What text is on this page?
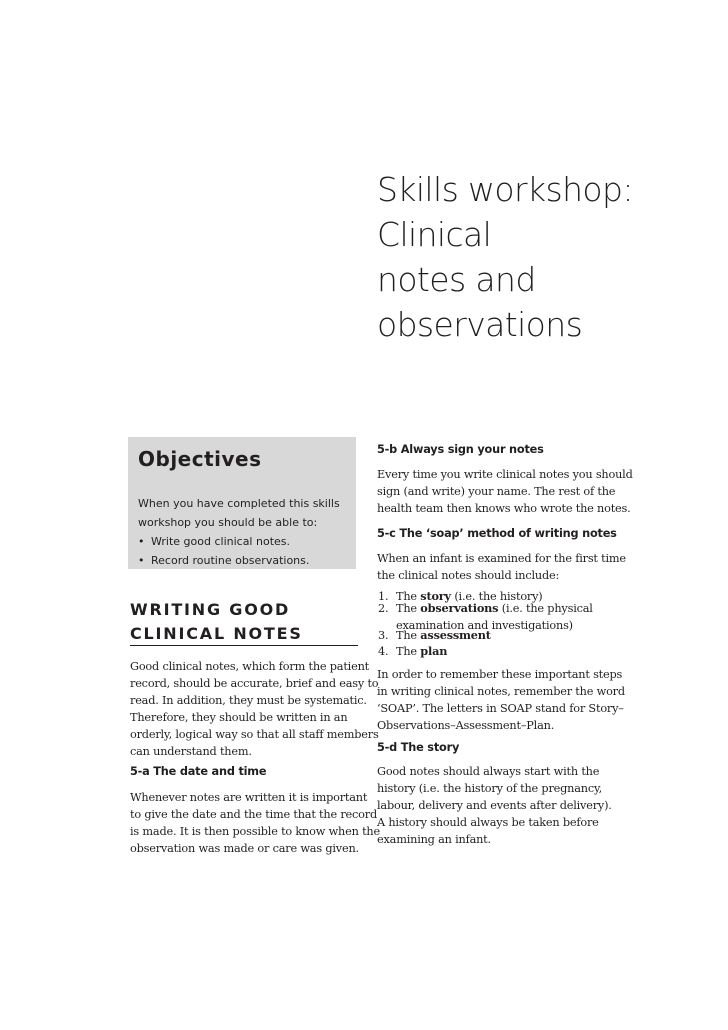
Skills workshop:
Clinical
notes and
observations
Objectives
When you have completed this skills workshop you should be able to:
• Write good clinical notes.
• Record routine observations.
WRITING GOOD
CLINICAL NOTES
Good clinical notes, which form the patient
record, should be accurate, brief and easy to
read. In addition, they must be systematic.
Therefore, they should be written in an
orderly, logical way so that all staff members
can understand them.
5-a The date and time
Whenever notes are written it is important
to give the date and the time that the record
is made. It is then possible to know when the
observation was made or care was given.
5-b Always sign your notes
Every time you write clinical notes you should
sign (and write) your name. The rest of the
health team then knows who wrote the notes.
5-c The ‘soap’ method of writing notes
When an infant is examined for the first time
the clinical notes should include:
1. The story (i.e. the history)
2. The observations (i.e. the physical
examination and investigations)
3. The assessment
4. The plan
In order to remember these important steps
in writing clinical notes, remember the word
‘SOAP’. The letters in SOAP stand for Story–
Observations–Assessment–Plan.
5-d The story
Good notes should always start with the
history (i.e. the history of the pregnancy,
labour, delivery and events after delivery).
A history should always be taken before
examining an infant.
